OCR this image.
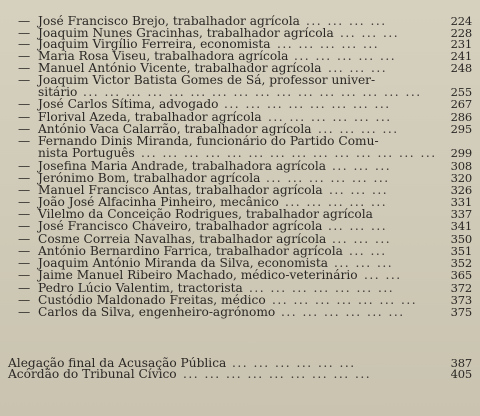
— José Francisco Brejo, trabalhador agrícola ... ... ... ...	224
— Joaquim Nunes Gracinhas, trabalhador agrícola ... ... ...	228
— Joaquim Virgílio Ferreira, economista ... ... ... ... ...	231
— Maria Rosa Viseu, trabalhadora agrícola ... ... ... ... ...	241
— Manuel António Vicente, trabalhador agrícola ... ... ...	248
— Joaquim Victor Batista Gomes de Sá, professor univer-
sitário ... ... ... ... ... ... ... ... ... ... ... ... ... ... ... ...	255
— José Carlos Sítima, advogado ... ... ... ... ... ... ... ...	267
— Florival Azeda, trabalhador agrícola ... ... ... ... ... ...	286
— António Vaca Calarrão, trabalhador agrícola ... ... ... ...	295
— Fernando Dinis Miranda, funcionário do Partido Comu-
nista Português ... ... ... ... ... ... ... ... ... ... ... ... ... ...	299
— Josefina Maria Andrade, trabalhadora agrícola ... ... ...	308
— Jerónimo Bom, trabalhador agrícola ... ... ... ... ... ...	320
— Manuel Francisco Antas, trabalhador agrícola ... ... ...	326
— João José Alfacinha Pinheiro, mecânico ... ... ... ... ...	331
— Vilelmo da Conceição Rodrigues, trabalhador agrícola	337
— José Francisco Chaveiro, trabalhador agrícola ... ... ...	341
— Cosme Correia Navalhas, trabalhador agrícola ... ... ...	350
— António Bernardino Farrica, trabalhador agrícola ... ...	351
— Joaquim António Miranda da Silva, economista ... ... ...	352
— Jaime Manuel Ribeiro Machado, médico-veterinário ... ...	365
— Pedro Lúcio Valentim, tractorista ... ... ... ... ... ... ...	372
— Custódio Maldonado Freitas, médico ... ... ... ... ... ... ...	373
— Carlos da Silva, engenheiro-agrónomo ... ... ... ... ... ...	375
Alegação final da Acusação Pública ... ... ... ... ... ...	387
Acórdão do Tribunal Cívico ... ... ... ... ... ... ... ... ...	405
